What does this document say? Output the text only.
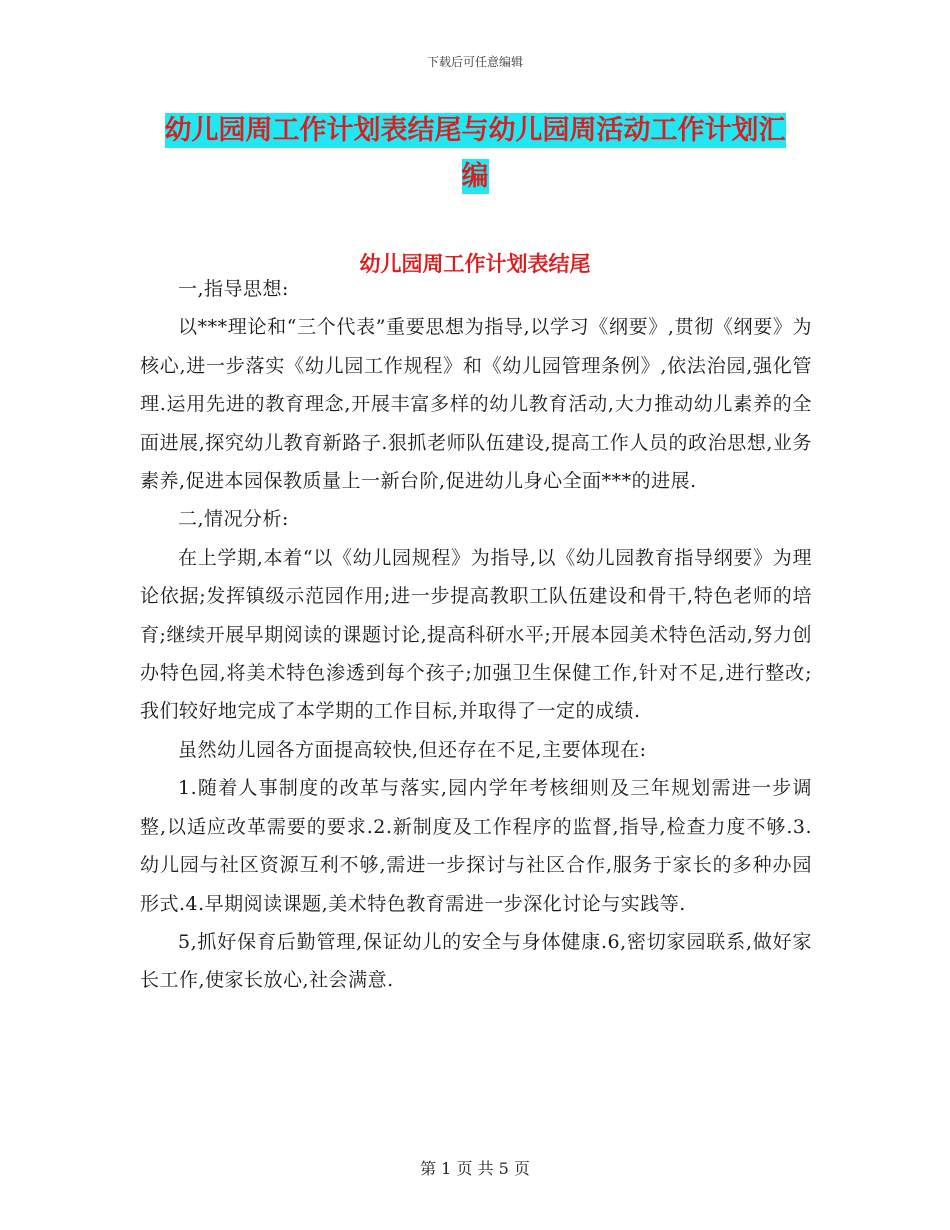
下载后可任意编辑
幼儿园周工作计划表结尾与幼儿园周活动工作计划汇
编
幼儿园周工作计划表结尾

一,指导思想:

以***理论和“三个代表”重要思想为指导,以学习《纲要》,贯彻《纲要》为核心,进一步落实《幼儿园工作规程》和《幼儿园管理条例》,依法治园,强化管理.运用先进的教育理念,开展丰富多样的幼儿教育活动,大力推动幼儿素养的全面进展,探究幼儿教育新路子.狠抓老师队伍建设,提高工作人员的政治思想,业务素养,促进本园保教质量上一新台阶,促进幼儿身心全面***的进展.

二,情况分析:

在上学期,本着“以《幼儿园规程》为指导,以《幼儿园教育指导纲要》为理论依据;发挥镇级示范园作用;进一步提高教职工队伍建设和骨干,特色老师的培育;继续开展早期阅读的课题讨论,提高科研水平;开展本园美术特色活动,努力创办特色园,将美术特色渗透到每个孩子;加强卫生保健工作,针对不足,进行整改;我们较好地完成了本学期的工作目标,并取得了一定的成绩.

虽然幼儿园各方面提高较快,但还存在不足,主要体现在:

1.随着人事制度的改革与落实,园内学年考核细则及三年规划需进一步调整,以适应改革需要的要求.2.新制度及工作程序的监督,指导,检查力度不够.3.幼儿园与社区资源互利不够,需进一步探讨与社区合作,服务于家长的多种办园形式.4.早期阅读课题,美术特色教育需进一步深化讨论与实践等.

5,抓好保育后勤管理,保证幼儿的安全与身体健康.6,密切家园联系,做好家长工作,使家长放心,社会满意.

第 1 页 共 5 页
